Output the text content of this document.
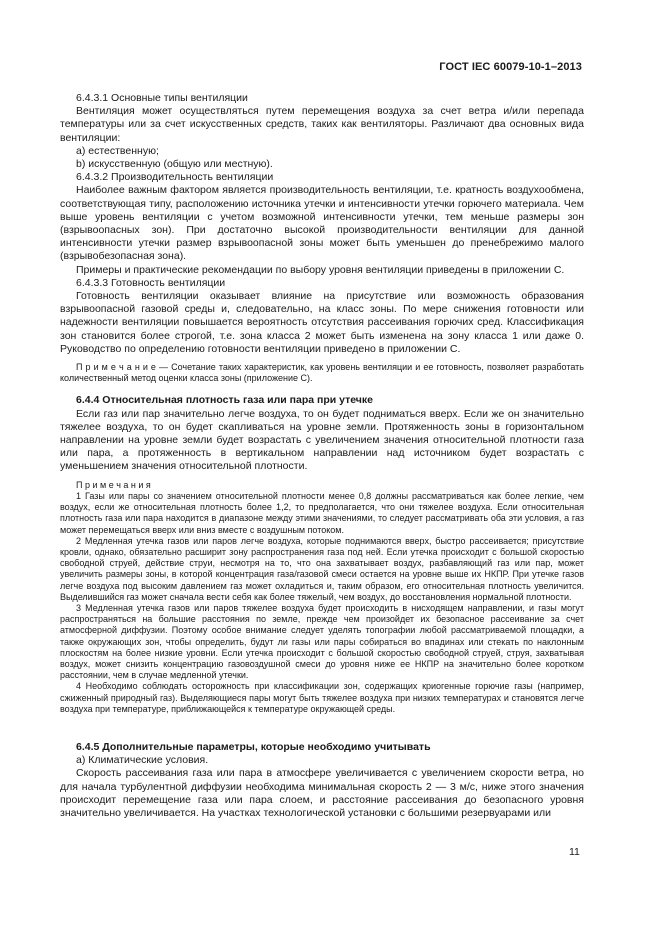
ГОСТ IEC 60079-10-1–2013

6.4.3.1 Основные типы вентиляции

Вентиляция может осуществляться путем перемещения воздуха за счет ветра и/или перепада температуры или за счет искусственных средств, таких как вентиляторы. Различают два основных вида вентиляции:

а) естественную;

b) искусственную (общую или местную).

6.4.3.2 Производительность вентиляции

Наиболее важным фактором является производительность вентиляции, т.е. кратность воздухообмена, соответствующая типу, расположению источника утечки и интенсивности утечки горючего материала. Чем выше уровень вентиляции с учетом возможной интенсивности утечки, тем меньше размеры зон (взрывоопасных зон). При достаточно высокой производительности вентиляции для данной интенсивности утечки размер взрывоопасной зоны может быть уменьшен до пренебрежимо малого (взрывобезопасная зона).

Примеры и практические рекомендации по выбору уровня вентиляции приведены в приложении С.

6.4.3.3 Готовность вентиляции

Готовность вентиляции оказывает влияние на присутствие или возможность образования взрывоопасной газовой среды и, следовательно, на класс зоны. По мере снижения готовности или надежности вентиляции повышается вероятность отсутствия рассеивания горючих сред. Классификация зон становится более строгой, т.е. зона класса 2 может быть изменена на зону класса 1 или даже 0. Руководство по определению готовности вентиляции приведено в приложении С.

П р и м е ч а н и е — Сочетание таких характеристик, как уровень вентиляции и ее готовность, позволяет разработать количественный метод оценки класса зоны (приложение С).

6.4.4 Относительная плотность газа или пара при утечке

Если газ или пар значительно легче воздуха, то он будет подниматься вверх. Если же он значительно тяжелее воздуха, то он будет скапливаться на уровне земли. Протяженность зоны в горизонтальном направлении на уровне земли будет возрастать с увеличением значения относительной плотности газа или пара, а протяженность в вертикальном направлении над источником будет возрастать с уменьшением значения относительной плотности.

П р и м е ч а н и я

1 Газы или пары со значением относительной плотности менее 0,8 должны рассматриваться как более легкие, чем воздух, если же относительная плотность более 1,2, то предполагается, что они тяжелее воздуха. Если относительная плотность газа или пара находится в диапазоне между этими значениями, то следует рассматривать оба эти условия, а газ может перемещаться вверх или вниз вместе с воздушным потоком.

2 Медленная утечка газов или паров легче воздуха, которые поднимаются вверх, быстро рассеивается; присутствие кровли, однако, обязательно расширит зону распространения газа под ней. Если утечка происходит с большой скоростью свободной струей, действие струи, несмотря на то, что она захватывает воздух, разбавляющий газ или пар, может увеличить размеры зоны, в которой концентрация газа/газовой смеси остается на уровне выше их НКПР. При утечке газов легче воздуха под высоким давлением газ может охладиться и, таким образом, его относительная плотность увеличится. Выделившийся газ может сначала вести себя как более тяжелый, чем воздух, до восстановления нормальной плотности.

3 Медленная утечка газов или паров тяжелее воздуха будет происходить в нисходящем направлении, и газы могут распространяться на большие расстояния по земле, прежде чем произойдет их безопасное рассеивание за счет атмосферной диффузии. Поэтому особое внимание следует уделять топографии любой рассматриваемой площадки, а также окружающих зон, чтобы определить, будут ли газы или пары собираться во впадинах или стекать по наклонным плоскостям на более низкие уровни. Если утечка происходит с большой скоростью свободной струей, струя, захватывая воздух, может снизить концентрацию газовоздушной смеси до уровня ниже ее НКПР на значительно более коротком расстоянии, чем в случае медленной утечки.

4 Необходимо соблюдать осторожность при классификации зон, содержащих криогенные горючие газы (например, сжиженный природный газ). Выделяющиеся пары могут быть тяжелее воздуха при низких температурах и становятся легче воздуха при температуре, приближающейся к температуре окружающей среды.

6.4.5 Дополнительные параметры, которые необходимо учитывать

а) Климатические условия.

Скорость рассеивания газа или пара в атмосфере увеличивается с увеличением скорости ветра, но для начала турбулентной диффузии необходима минимальная скорость 2 — 3 м/с, ниже этого значения происходит перемещение газа или пара слоем, и расстояние рассеивания до безопасного уровня значительно увеличивается. На участках технологической установки с большими резервуарами или

11
